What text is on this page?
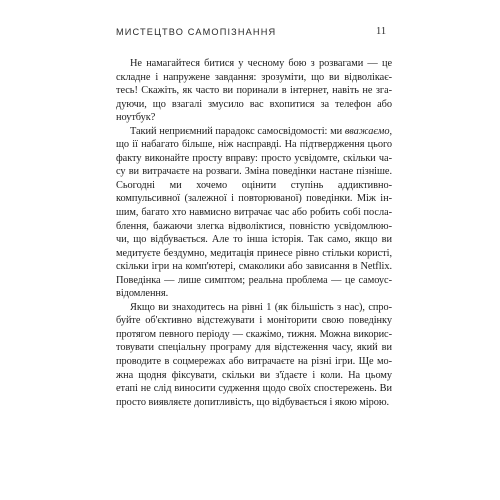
МИСТЕЦТВО САМОПІЗНАННЯ	11
Не намагайтеся битися у чесному бою з розвагами — це
складне і напружене завдання: зрозуміти, що ви відволікає-
тесь! Скажіть, як часто ви поринали в інтернет, навіть не зга-
дуючи, що взагалі змусило вас вхопитися за телефон або
ноутбук?
Такий неприємний парадокс самосвідомості: ми вважаємо,
що ії набагато більше, ніж насправді. На підтвердження цього
факту виконайте просту вправу: просто усвідомте, скільки ча-
су ви витрачаєте на розваги. Зміна поведінки настане пізніше.
Сьогодні ми хочемо оцінити ступінь аддиктивно-
компульсивної (залежної і повторюваної) поведінки. Між ін-
шим, багато хто навмисно витрачає час або робить собі посла-
блення, бажаючи злегка відволіктися, повністю усвідомлюю-
чи, що відбувається. Але то інша історія. Так само, якщо ви
медитуєте бездумно, медитація принесе рівно стільки користі,
скільки ігри на комп'ютері, смаколики або зависання в Netflix.
Поведінка — лише симптом; реальна проблема — це самоус-
відомлення.
Якщо ви знаходитесь на рівні 1 (як більшість з нас), спро-
буйте об'єктивно відстежувати і моніторити свою поведінку
протягом певного періоду — скажімо, тижня. Можна викорис-
товувати спеціальну програму для відстеження часу, який ви
проводите в соцмережах або витрачаєте на різні ігри. Ще мо-
жна щодня фіксувати, скільки ви з'їдаєте і коли. На цьому
етапі не слід виносити судження щодо своїх спостережень. Ви
просто виявляєте допитливість, що відбувається і якою мірою.
